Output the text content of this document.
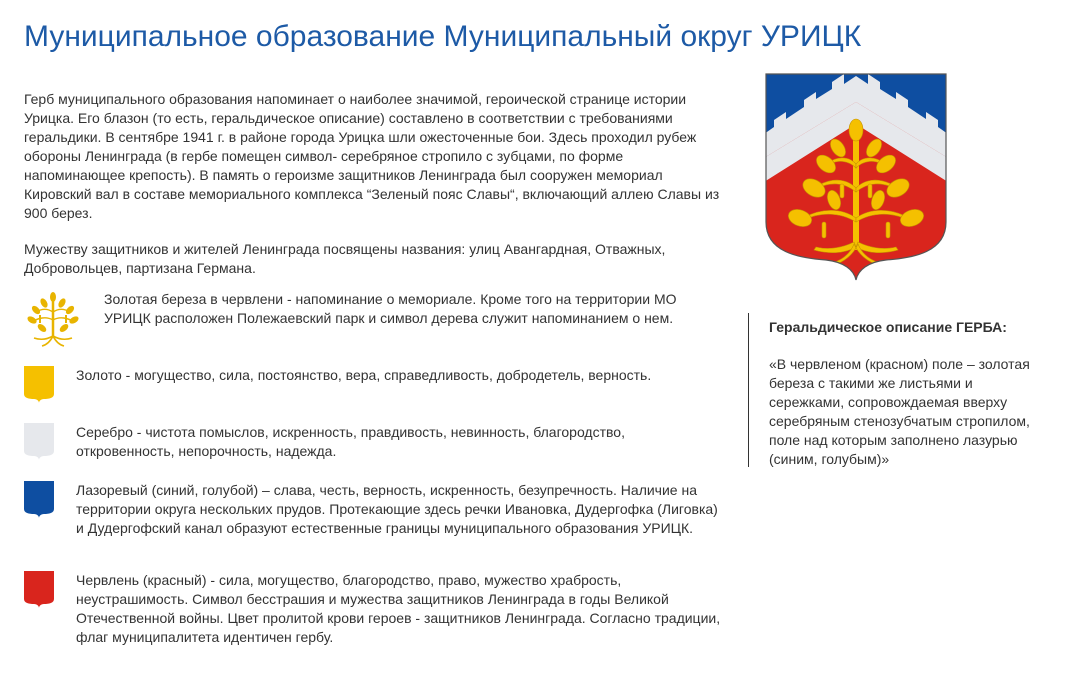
Муниципальное образование Муниципальный округ УРИЦК

Герб муниципального образования напоминает о наиболее значимой, героической странице истории Урицка. Его блазон (то есть, геральдическое описание) составлено в соответствии с требованиями геральдики. В сентябре 1941 г. в районе города Урицка шли ожесточенные бои. Здесь проходил рубеж обороны Ленинграда (в гербе помещен символ- серебряное стропило с зубцами, по форме напоминающее крепость). В память о героизме защитников Ленинграда был сооружен мемориал Кировский вал в составе мемориального комплекса “Зеленый пояс Славы“, включающий аллею Славы из 900 берез.

Мужеству защитников и жителей Ленинграда посвящены названия: улиц Авангардная, Отважных, Добровольцев, партизана Германа.

Золотая береза в червлени - напоминание о мемориале. Кроме того на территории МО УРИЦК расположен Полежаевский парк и символ дерева служит напоминанием о нем.
Золото - могущество, сила, постоянство, вера, справедливость, добродетель, верность.
Серебро - чистота помыслов, искренность, правдивость, невинность, благородство, откровенность, непорочность, надежда.
Лазоревый (синий, голубой) – слава, честь, верность, искренность, безупречность. Наличие на территории округа нескольких прудов. Протекающие здесь речки Ивановка, Дудергофка (Лиговка) и Дудергофский канал образуют естественные границы муниципального образования УРИЦК.
Червлень (красный) - сила, могущество, благородство, право, мужество храбрость, неустрашимость. Символ бесстрашия и мужества защитников Ленинграда в годы Великой Отечественной войны. Цвет пролитой крови героев - защитников Ленинграда. Согласно традиции, флаг муниципалитета идентичен гербу.
Геральдическое описание ГЕРБА:
«В червленом (красном) поле – золотая береза с такими же листьями и сережками, сопровождаемая вверху серебряным стенозубчатым стропилом, поле над которым заполнено лазурью (синим, голубым)»
